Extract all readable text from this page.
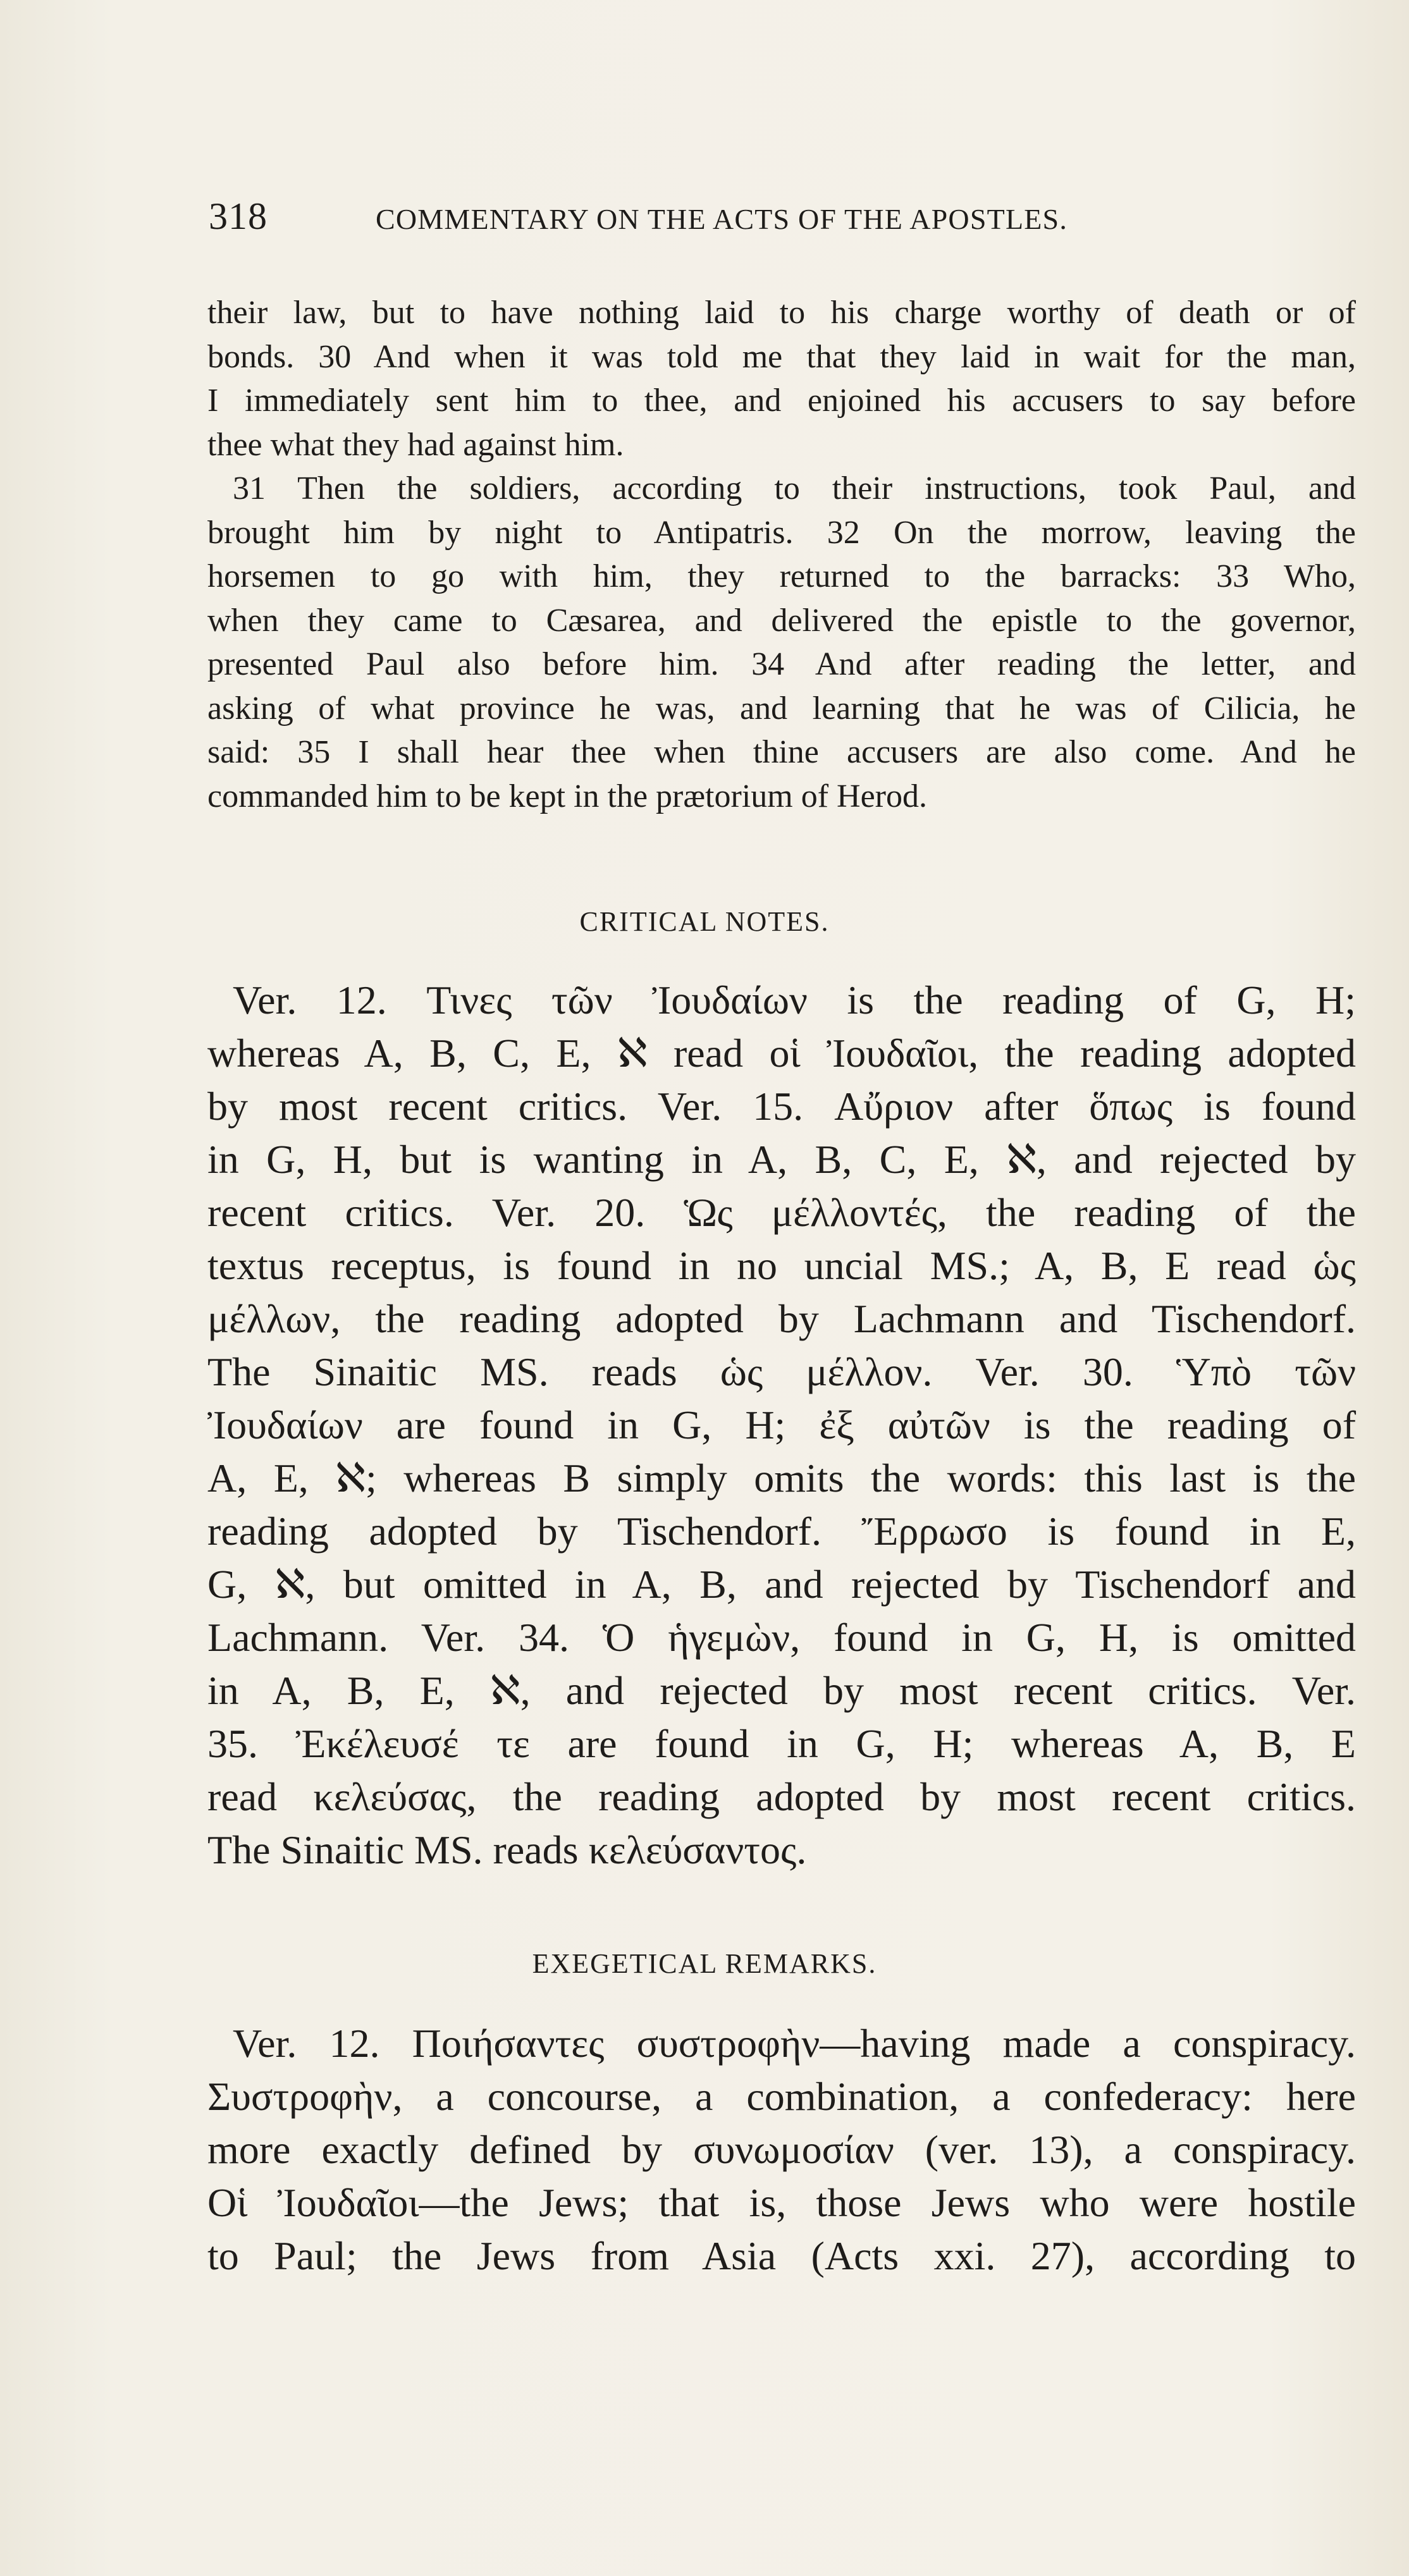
318	COMMENTARY ON THE ACTS OF THE APOSTLES.
their law, but to have nothing laid to his charge worthy of death or of
bonds. 30 And when it was told me that they laid in wait for the man,
I immediately sent him to thee, and enjoined his accusers to say before
thee what they had against him.
31 Then the soldiers, according to their instructions, took Paul, and
brought him by night to Antipatris. 32 On the morrow, leaving the
horsemen to go with him, they returned to the barracks: 33 Who,
when they came to Cæsarea, and delivered the epistle to the governor,
presented Paul also before him. 34 And after reading the letter, and
asking of what province he was, and learning that he was of Cilicia, he
said: 35 I shall hear thee when thine accusers are also come. And he
commanded him to be kept in the prætorium of Herod.
CRITICAL NOTES.
Ver. 12. Τινες τῶν Ἰουδαίων is the reading of G, H;
whereas A, B, C, E, ℵ read οἱ Ἰουδαῖοι, the reading adopted
by most recent critics. Ver. 15. Αὔριον after ὅπως is found
in G, H, but is wanting in A, B, C, E, ℵ, and rejected by
recent critics. Ver. 20. Ὡς μέλλοντές, the reading of the
textus receptus, is found in no uncial MS.; A, B, E read ὡς
μέλλων, the reading adopted by Lachmann and Tischendorf.
The Sinaitic MS. reads ὡς μέλλον. Ver. 30. Ὑπὸ τῶν
Ἰουδαίων are found in G, H; ἐξ αὐτῶν is the reading of
A, E, ℵ; whereas B simply omits the words: this last is the
reading adopted by Tischendorf. Ἔρρωσο is found in E,
G, ℵ, but omitted in A, B, and rejected by Tischendorf and
Lachmann. Ver. 34. Ὁ ἡγεμὼν, found in G, H, is omitted
in A, B, E, ℵ, and rejected by most recent critics. Ver.
35. Ἐκέλευσέ τε are found in G, H; whereas A, B, E
read κελεύσας, the reading adopted by most recent critics.
The Sinaitic MS. reads κελεύσαντος.
EXEGETICAL REMARKS.
Ver. 12. Ποιήσαντες συστροφὴν—having made a conspiracy.
Συστροφὴν, a concourse, a combination, a confederacy: here
more exactly defined by συνωμοσίαν (ver. 13), a conspiracy.
Οἱ Ἰουδαῖοι—the Jews; that is, those Jews who were hostile
to Paul; the Jews from Asia (Acts xxi. 27), according to
